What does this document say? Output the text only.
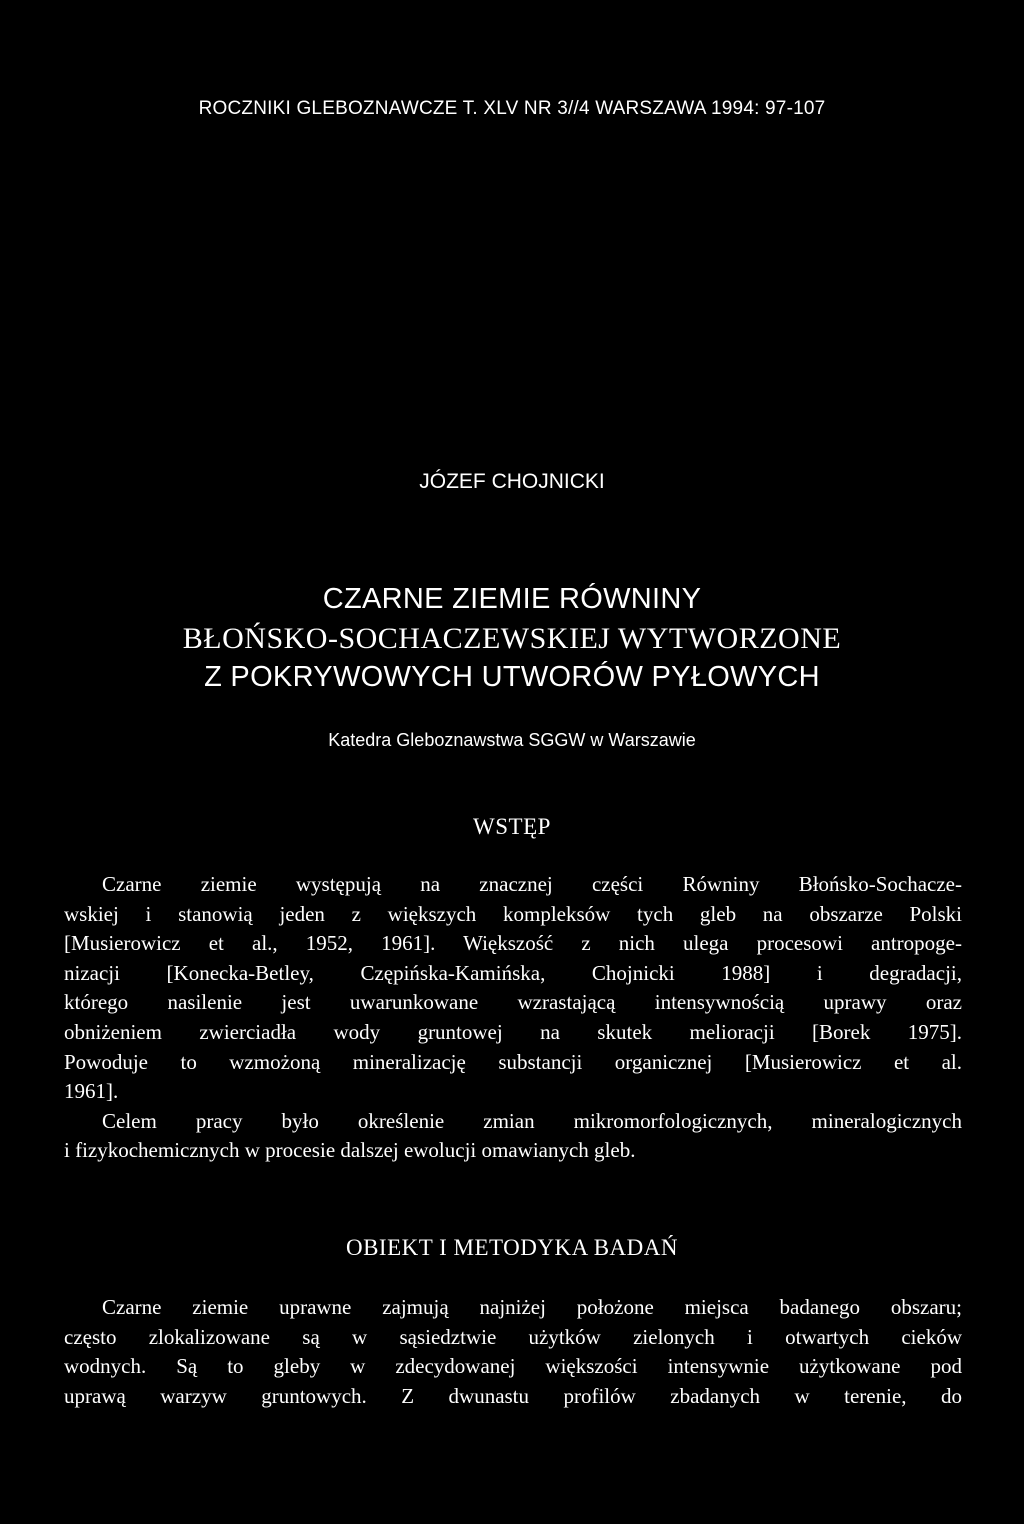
ROCZNIKI GLEBOZNAWCZE T. XLV NR 3//4 WARSZAWA 1994: 97-107
JÓZEF CHOJNICKI
CZARNE ZIEMIE RÓWNINY
BŁOŃSKO-SOCHACZEWSKIEJ WYTWORZONE
Z POKRYWOWYCH UTWORÓW PYŁOWYCH
Katedra Gleboznawstwa SGGW w Warszawie
WSTĘP
Czarne ziemie występują na znacznej części Równiny Błońsko-Sochacze-
wskiej i stanowią jeden z większych kompleksów tych gleb na obszarze Polski
[Musierowicz et al., 1952, 1961]. Większość z nich ulega procesowi antropoge-
nizacji [Konecka-Betley, Czępińska-Kamińska, Chojnicki 1988] i degradacji,
którego nasilenie jest uwarunkowane wzrastającą intensywnością uprawy oraz
obniżeniem zwierciadła wody gruntowej na skutek melioracji [Borek 1975].
Powoduje to wzmożoną mineralizację substancji organicznej [Musierowicz et al.
1961].
Celem pracy było określenie zmian mikromorfologicznych, mineralogicznych
i fizykochemicznych w procesie dalszej ewolucji omawianych gleb.
OBIEKT I METODYKA BADAŃ
Czarne ziemie uprawne zajmują najniżej położone miejsca badanego obszaru;
często zlokalizowane są w sąsiedztwie użytków zielonych i otwartych cieków
wodnych. Są to gleby w zdecydowanej większości intensywnie użytkowane pod
uprawą warzyw gruntowych. Z dwunastu profilów zbadanych w terenie, do
